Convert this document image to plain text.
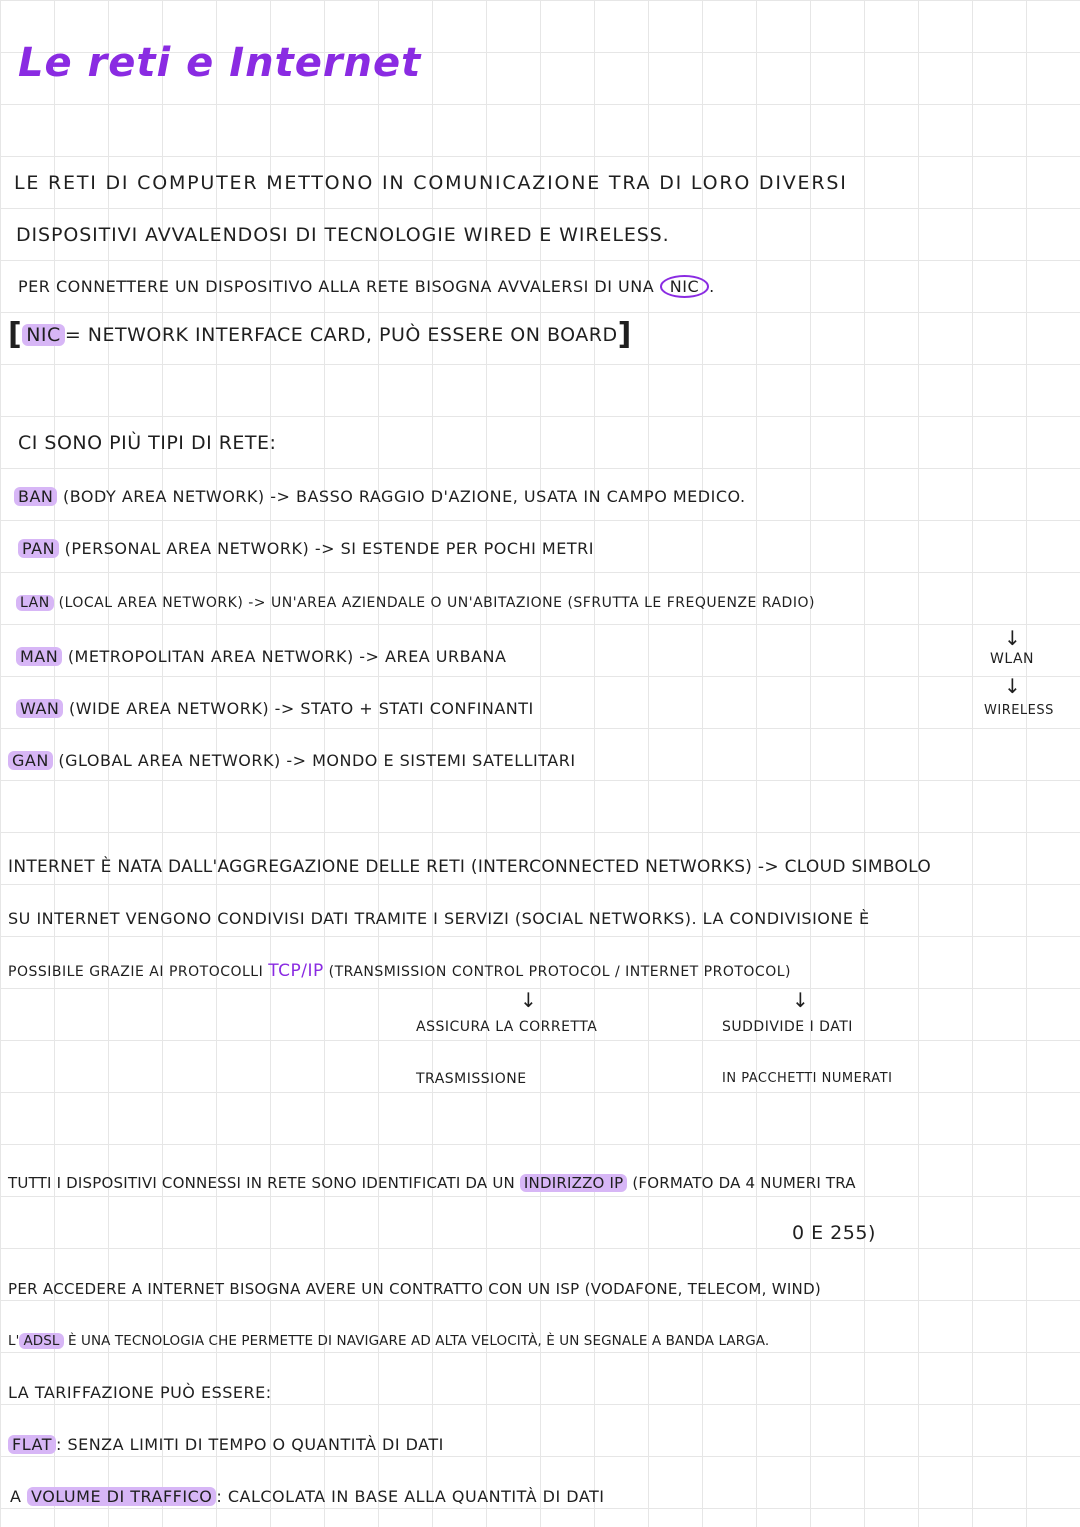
Le reti e Internet
LE RETI DI COMPUTER METTONO IN COMUNICAZIONE TRA DI LORO DIVERSI
DISPOSITIVI AVVALENDOSI DI TECNOLOGIE WIRED E WIRELESS.
PER CONNETTERE UN DISPOSITIVO ALLA RETE BISOGNA AVVALERSI DI UNA NIC .
[ NIC = NETWORK INTERFACE CARD, PUÒ ESSERE ON BOARD]
CI SONO PIÙ TIPI DI RETE:
BAN (BODY AREA NETWORK) -> BASSO RAGGIO D'AZIONE, USATA IN CAMPO MEDICO.
PAN (PERSONAL AREA NETWORK) -> SI ESTENDE PER POCHI METRI
LAN (LOCAL AREA NETWORK) -> UN'AREA AZIENDALE O UN'ABITAZIONE (SFRUTTA LE FREQUENZE RADIO)
MAN (METROPOLITAN AREA NETWORK) -> AREA URBANA
WAN (WIDE AREA NETWORK) -> STATO + STATI CONFINANTI
GAN (GLOBAL AREA NETWORK) -> MONDO E SISTEMI SATELLITARI
↓
WLAN
↓
WIRELESS
INTERNET È NATA DALL'AGGREGAZIONE DELLE RETI (INTERCONNECTED NETWORKS) -> CLOUD SIMBOLO
SU INTERNET VENGONO CONDIVISI DATI TRAMITE I SERVIZI (SOCIAL NETWORKS). LA CONDIVISIONE È
POSSIBILE GRAZIE AI PROTOCOLLI TCP/IP (TRANSMISSION CONTROL PROTOCOL / INTERNET PROTOCOL)
↓
ASSICURA LA CORRETTA
TRASMISSIONE
↓
SUDDIVIDE I DATI
IN PACCHETTI NUMERATI
TUTTI I DISPOSITIVI CONNESSI IN RETE SONO IDENTIFICATI DA UN INDIRIZZO IP (FORMATO DA 4 NUMERI TRA
0 E 255)
PER ACCEDERE A INTERNET BISOGNA AVERE UN CONTRATTO CON UN ISP (VODAFONE, TELECOM, WIND)
L' ADSL È UNA TECNOLOGIA CHE PERMETTE DI NAVIGARE AD ALTA VELOCITÀ, È UN SEGNALE A BANDA LARGA.
LA TARIFFAZIONE PUÒ ESSERE:
FLAT : SENZA LIMITI DI TEMPO O QUANTITÀ DI DATI
A VOLUME DI TRAFFICO : CALCOLATA IN BASE ALLA QUANTITÀ DI DATI
